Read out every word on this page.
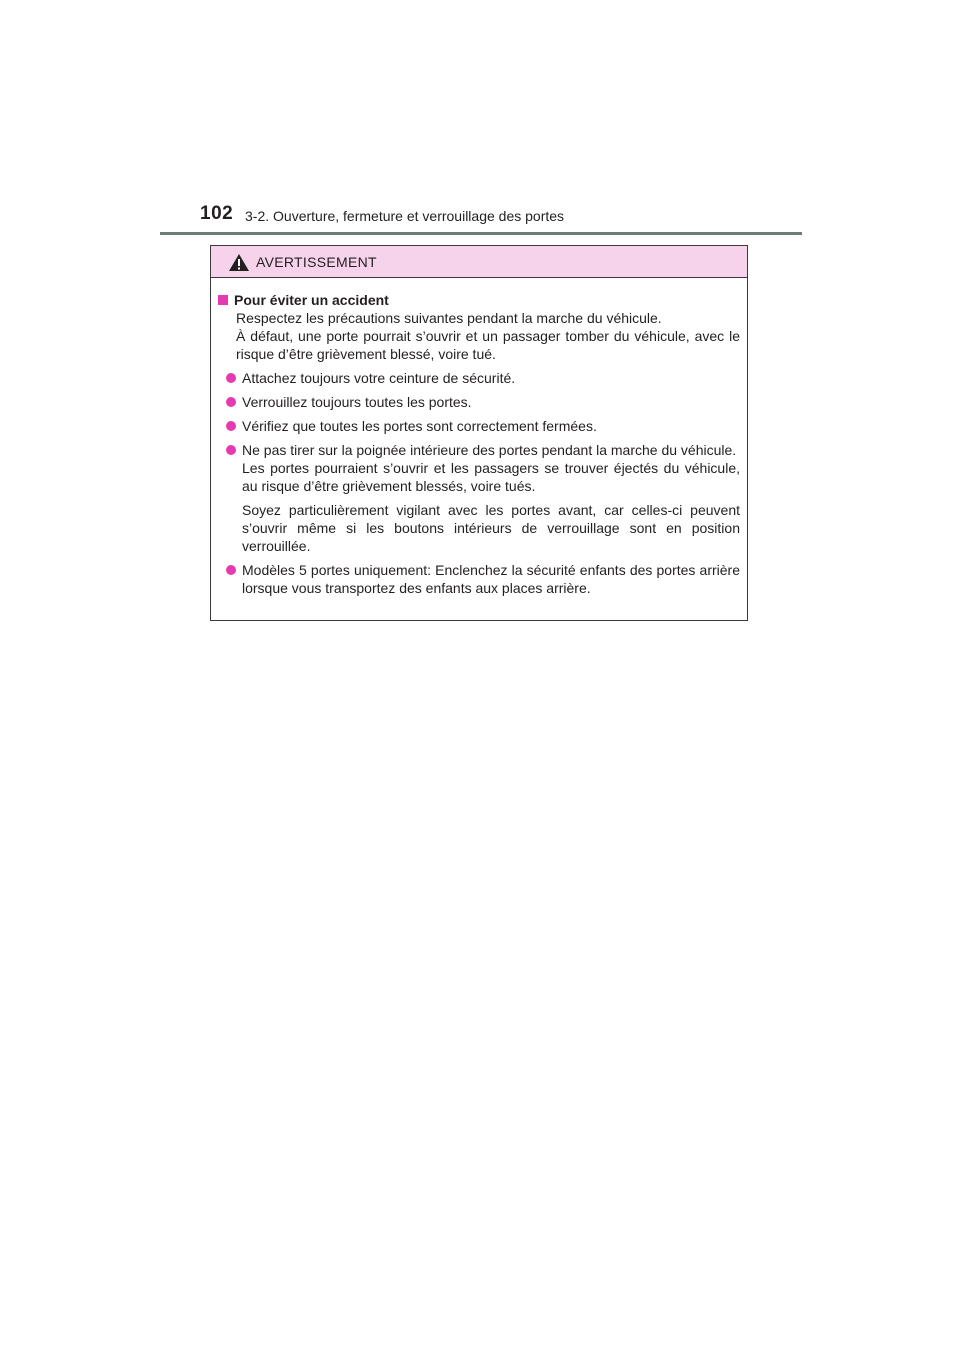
102 3-2. Ouverture, fermeture et verrouillage des portes
AVERTISSEMENT
Pour éviter un accident

Respectez les précautions suivantes pendant la marche du véhicule.

À défaut, une porte pourrait s’ouvrir et un passager tomber du véhicule, avec le risque d’être grièvement blessé, voire tué.

Attachez toujours votre ceinture de sécurité.

Verrouillez toujours toutes les portes.

Vérifiez que toutes les portes sont correctement fermées.

Ne pas tirer sur la poignée intérieure des portes pendant la marche du véhicule.

Les portes pourraient s’ouvrir et les passagers se trouver éjectés du véhicule, au risque d’être grièvement blessés, voire tués.

Soyez particulièrement vigilant avec les portes avant, car celles-ci peuvent s’ouvrir même si les boutons intérieurs de verrouillage sont en position verrouillée.

Modèles 5 portes uniquement: Enclenchez la sécurité enfants des portes arrière lorsque vous transportez des enfants aux places arrière.
